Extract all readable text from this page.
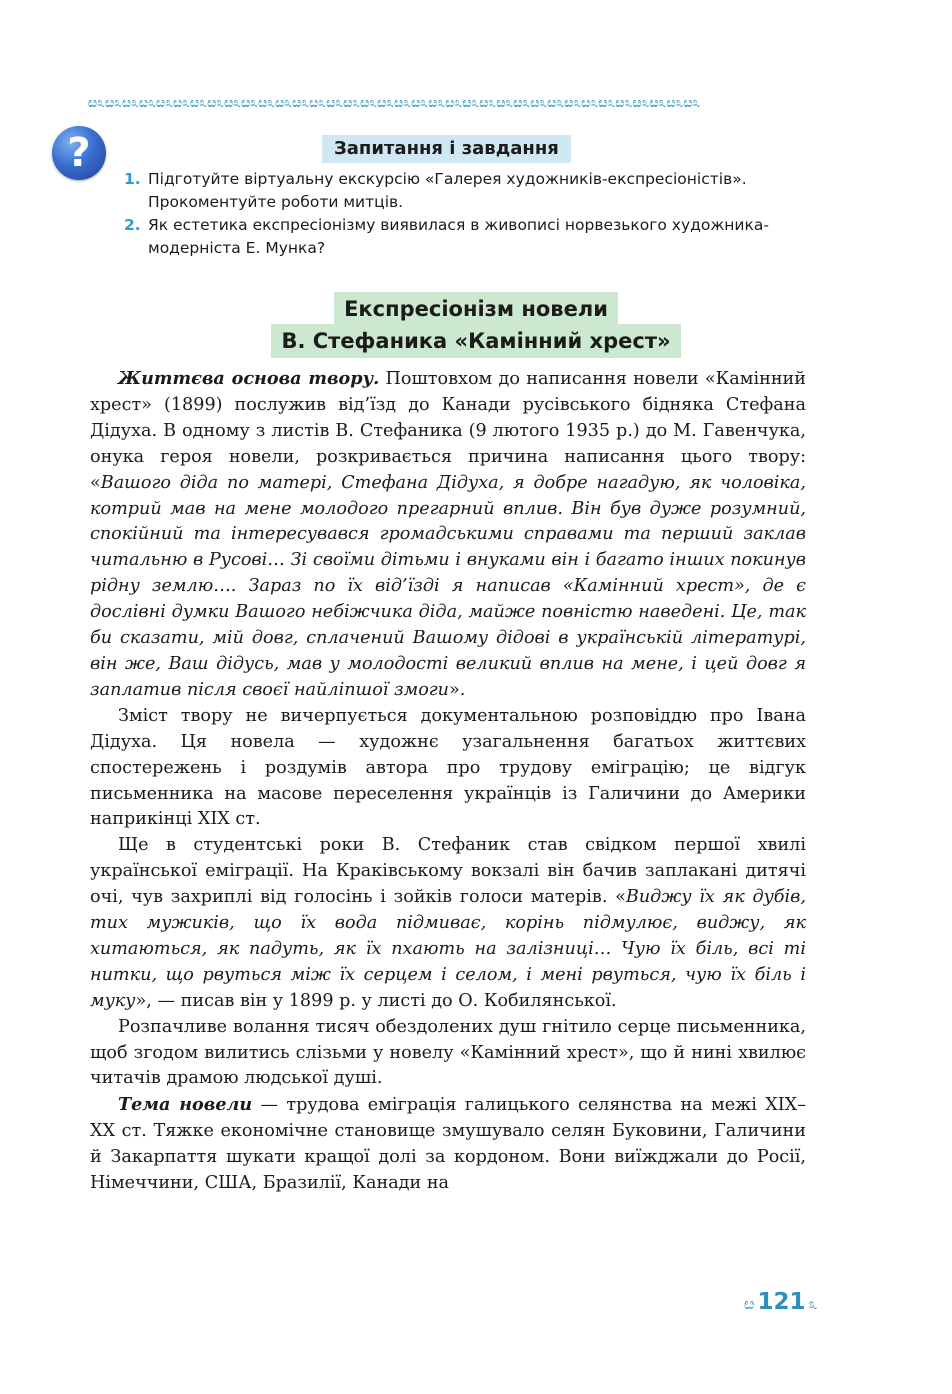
ೞ೩ೞ೩ೞ೩ೞ೩ೞ೩ೞ೩ೞ೩ೞ೩ೞ೩ೞ೩ೞ೩ೞ೩ೞ೩ೞ೩ೞ೩ೞ೩ೞ೩ೞ೩ೞ೩ೞ೩ೞ೩ೞ೩ೞ೩ೞ೩ೞ೩ೞ೩ೞ೩ೞ೩ೞ೩ೞ೩ೞ೩ೞ೩ೞ೩ೞ೩ೞ೩ೞ೩
?	Запитання і завдання
1. Підготуйте віртуальну екскурсію «Галерея художників-експресіоністів». Прокоментуйте роботи митців.
2. Як естетика експресіонізму виявилася в живописі норвезького художника-модерніста Е. Мунка?
Експресіонізм новели
В. Стефаника «Камінний хрест»

Життєва основа твору. Поштовхом до написання новели «Камінний хрест» (1899) послужив від’їзд до Канади русівського бідняка Стефана Дідуха. В одному з листів В. Стефаника (9 лютого 1935 р.) до М. Гавенчука, онука героя новели, розкривається причина написання цього твору: «Вашого діда по матері, Стефана Дідуха, я добре нагадую, як чоловіка, котрий мав на мене молодого прегарний вплив. Він був дуже розумний, спокійний та інтересувався громадськими справами та перший заклав читальню в Русові… Зі своїми дітьми і внуками він і багато інших покинув рідну землю…. Зараз по їх від’їзді я написав «Камінний хрест», де є дослівні думки Вашого небіжчика діда, майже повністю наведені. Це, так би сказати, мій довг, сплачений Вашому дідові в українській літературі, він же, Ваш дідусь, мав у молодості великий вплив на мене, і цей довг я заплатив після своєї найліпшої змоги».

Зміст твору не вичерпується документальною розповіддю про Івана Дідуха. Ця новела — художнє узагальнення багатьох життєвих спостережень і роздумів автора про трудову еміграцію; це відгук письменника на масове переселення українців із Галичини до Америки наприкінці XIX ст.

Ще в студентські роки В. Стефаник став свідком першої хвилі української еміграції. На Краківському вокзалі він бачив заплакані дитячі очі, чув захриплі від голосінь і зойків голоси матерів. «Виджу їх як дубів, тих мужиків, що їх вода підмиває, корінь підмулює, виджу, як хитаються, як падуть, як їх пхають на залізниці… Чую їх біль, всі ті нитки, що рвуться між їх серцем і селом, і мені рвуться, чую їх біль і муку», — писав він у 1899 р. у листі до О. Кобилянської.

Розпачливе волання тисяч обездолених душ гнітило серце письменника, щоб згодом вилитись слізьми у новелу «Камінний хрест», що й нині хвилює читачів драмою людської душі.

Тема новели — трудова еміграція галицького селянства на межі XIX–XX ст. Тяжке економічне становище змушувало селян Буковини, Галичини й Закарпаття шукати кращої долі за кордоном. Вони виїжджали до Росії, Німеччини, США, Бразилії, Канади на

ೞ 121 ೩
